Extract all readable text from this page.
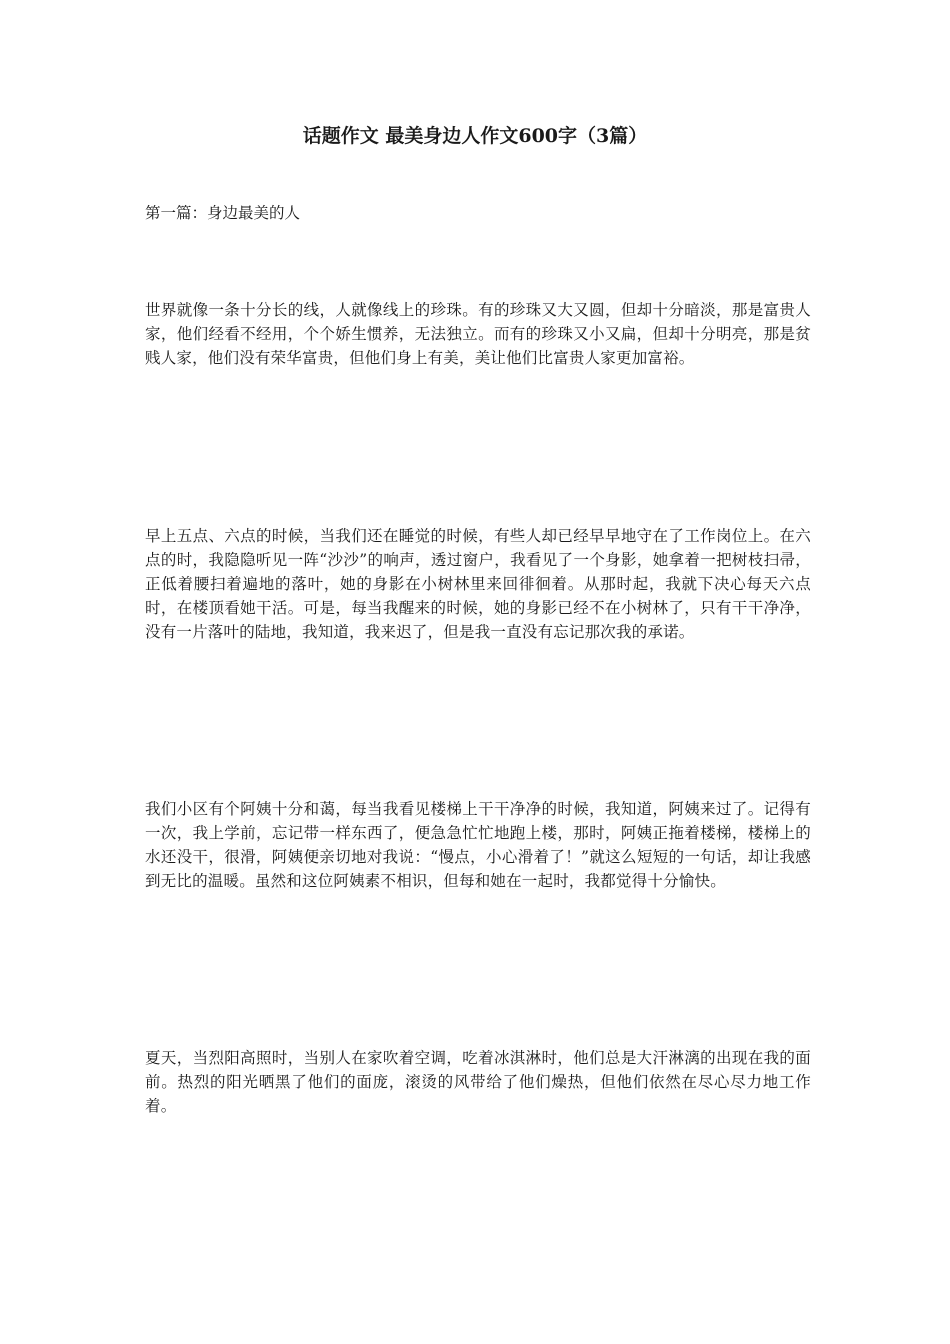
话题作文 最美身边人作文600字（3篇）

第一篇：身边最美的人

世界就像一条十分长的线，人就像线上的珍珠。有的珍珠又大又圆，但却十分暗淡，那是富贵人家，他们经看不经用，个个娇生惯养，无法独立。而有的珍珠又小又扁，但却十分明亮，那是贫贱人家，他们没有荣华富贵，但他们身上有美，美让他们比富贵人家更加富裕。

早上五点、六点的时候，当我们还在睡觉的时候，有些人却已经早早地守在了工作岗位上。在六点的时，我隐隐听见一阵“沙沙”的响声，透过窗户，我看见了一个身影，她拿着一把树枝扫帚，正低着腰扫着遍地的落叶，她的身影在小树林里来回徘徊着。从那时起，我就下决心每天六点时，在楼顶看她干活。可是，每当我醒来的时候，她的身影已经不在小树林了，只有干干净净，没有一片落叶的陆地，我知道，我来迟了，但是我一直没有忘记那次我的承诺。

我们小区有个阿姨十分和蔼，每当我看见楼梯上干干净净的时候，我知道，阿姨来过了。记得有一次，我上学前，忘记带一样东西了，便急急忙忙地跑上楼，那时，阿姨正拖着楼梯，楼梯上的水还没干，很滑，阿姨便亲切地对我说：“慢点，小心滑着了！”就这么短短的一句话，却让我感到无比的温暖。虽然和这位阿姨素不相识，但每和她在一起时，我都觉得十分愉快。

夏天，当烈阳高照时，当别人在家吹着空调，吃着冰淇淋时，他们总是大汗淋漓的出现在我的面前。热烈的阳光晒黑了他们的面庞，滚烫的风带给了他们燥热，但他们依然在尽心尽力地工作着。
